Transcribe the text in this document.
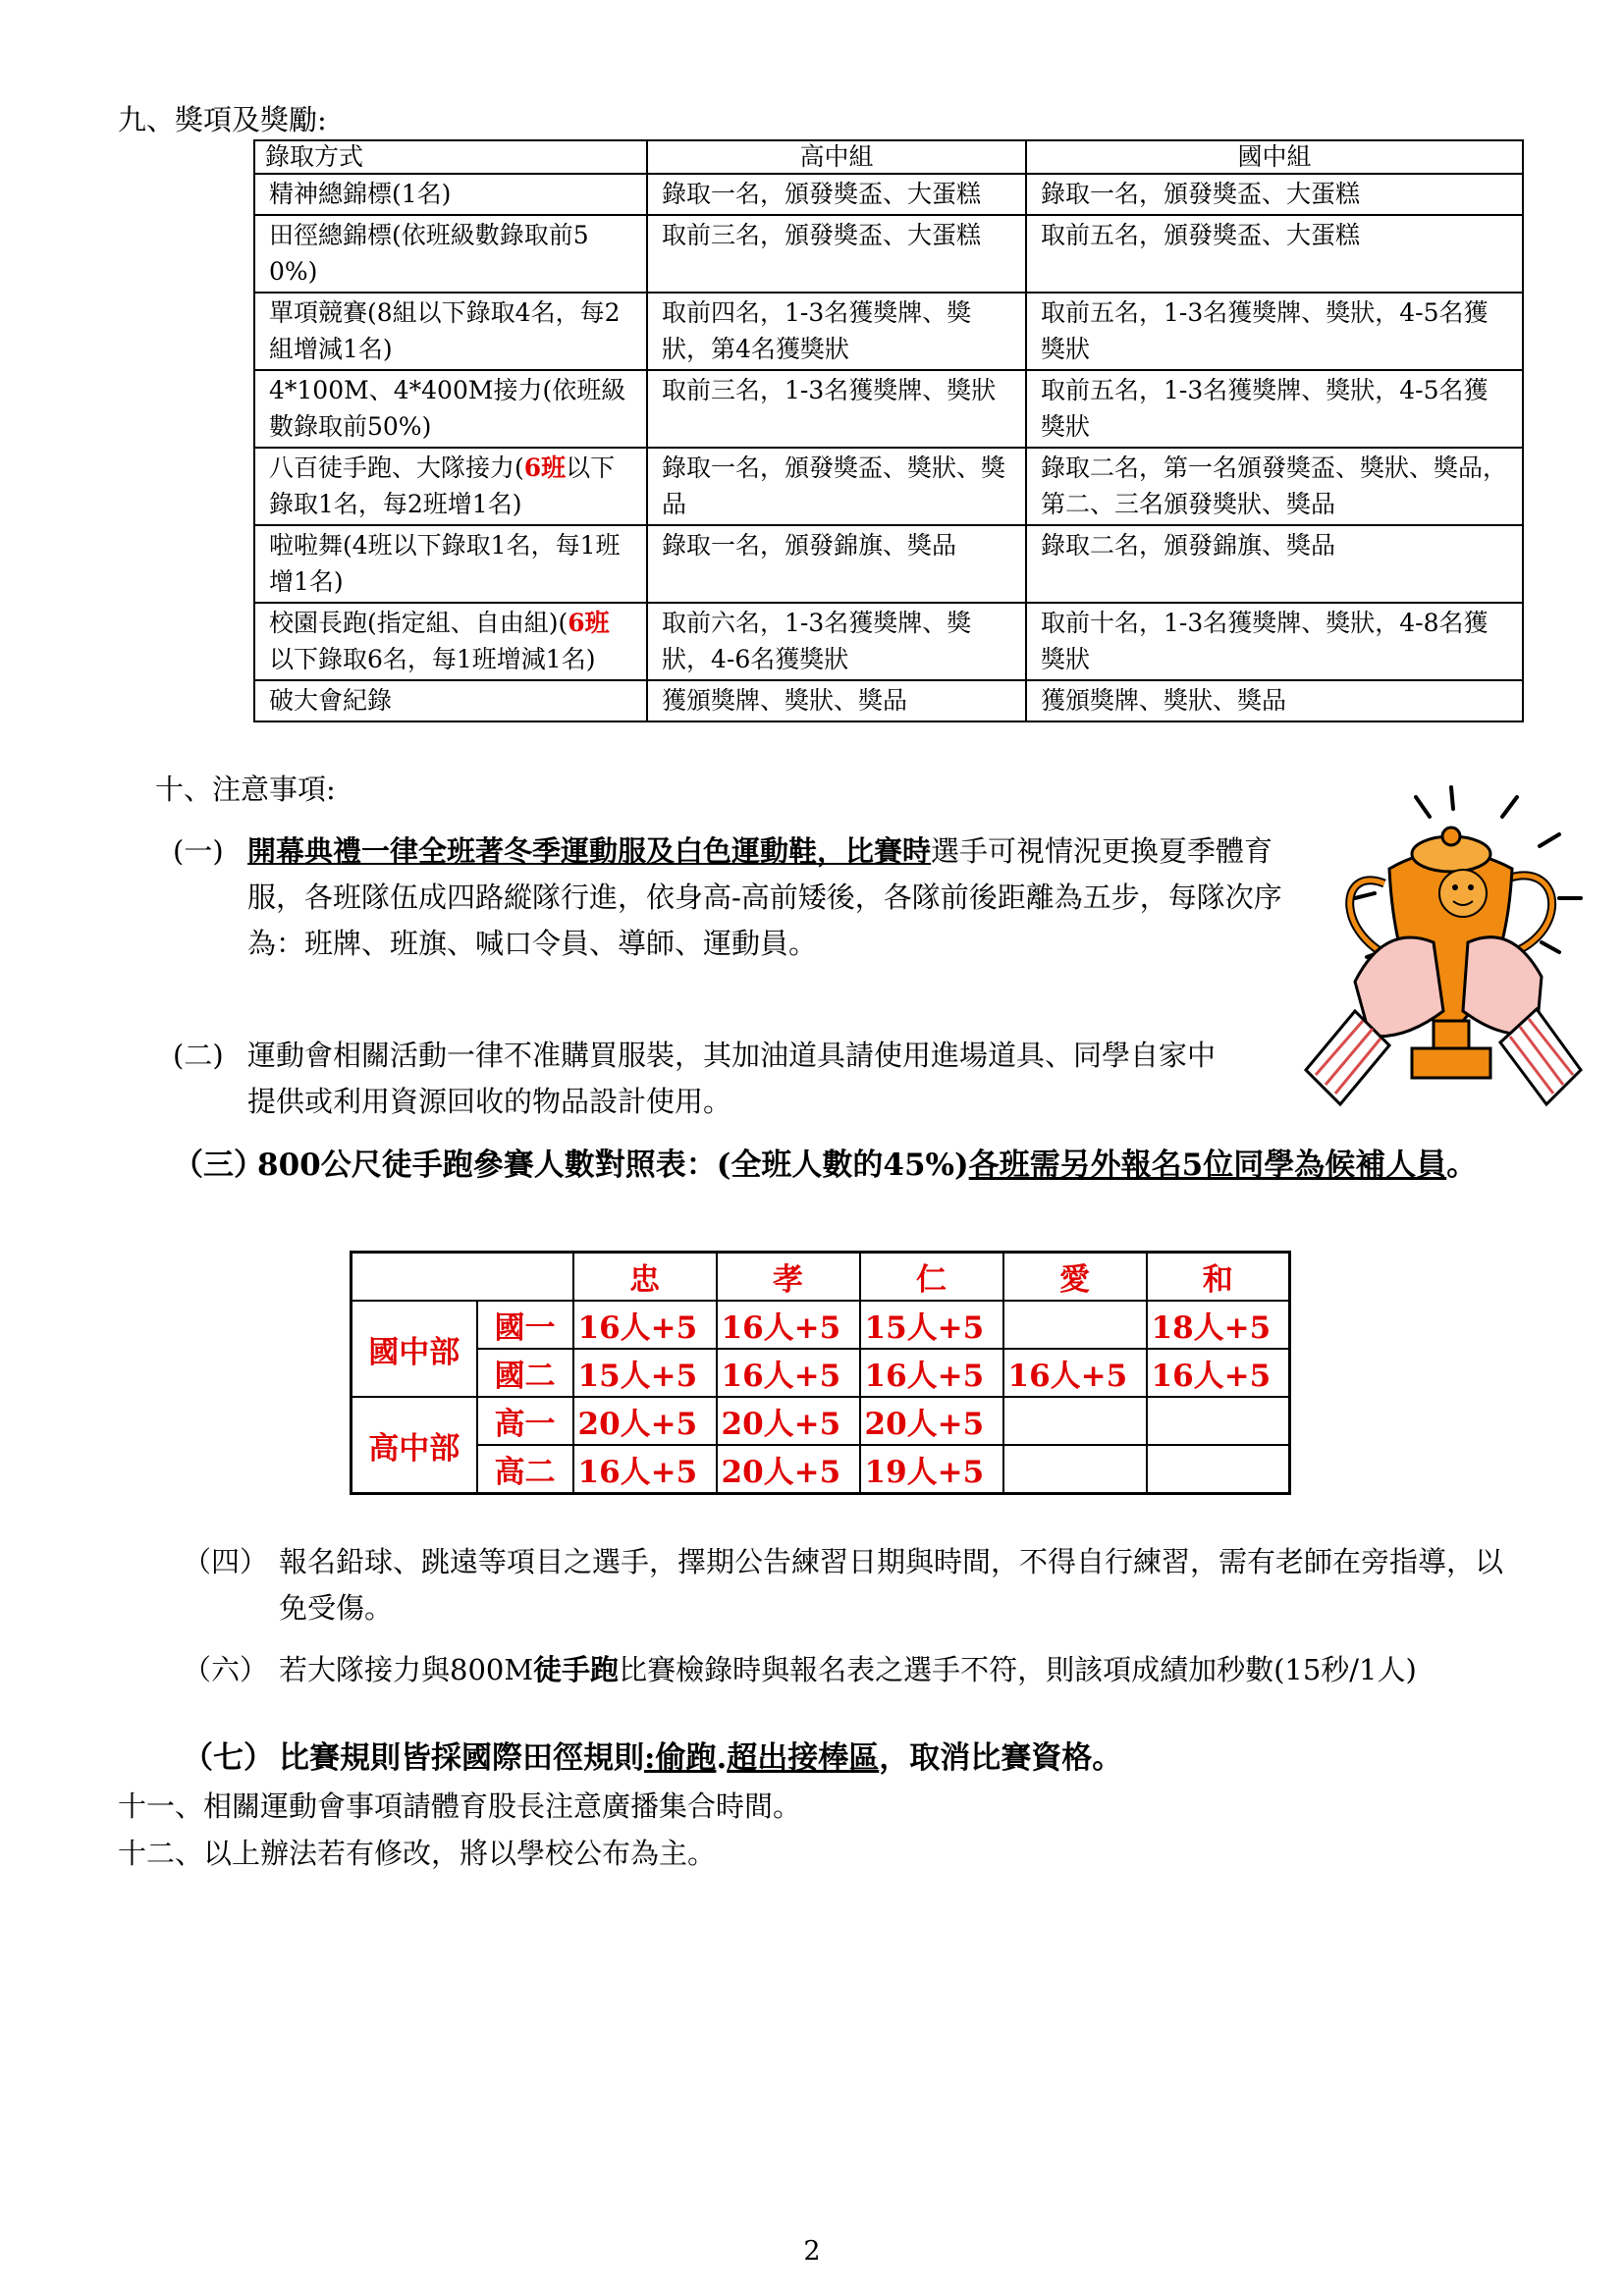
九、獎項及獎勵:
錄取方式	高中組	國中組
精神總錦標(1名)	錄取一名，頒發獎盃、大蛋糕	錄取一名，頒發獎盃、大蛋糕
田徑總錦標(依班級數錄取前50%)	取前三名，頒發獎盃、大蛋糕	取前五名，頒發獎盃、大蛋糕
單項競賽(8組以下錄取4名，每2組增減1名)	取前四名，1-3名獲獎牌、獎狀，第4名獲獎狀	取前五名，1-3名獲獎牌、獎狀，4-5名獲獎狀
4*100M、4*400M接力(依班級數錄取前50%)	取前三名，1-3名獲獎牌、獎狀	取前五名，1-3名獲獎牌、獎狀，4-5名獲獎狀
八百徒手跑、大隊接力(6班以下錄取1名，每2班增1名)	錄取一名，頒發獎盃、獎狀、獎品	錄取二名，第一名頒發獎盃、獎狀、獎品，第二、三名頒發獎狀、獎品
啦啦舞(4班以下錄取1名，每1班增1名)	錄取一名，頒發錦旗、獎品	錄取二名，頒發錦旗、獎品
校園長跑(指定組、自由組)(6班以下錄取6名，每1班增減1名)	取前六名，1-3名獲獎牌、獎狀，4-6名獲獎狀	取前十名，1-3名獲獎牌、獎狀，4-8名獲獎狀
破大會紀錄	獲頒獎牌、獎狀、獎品	獲頒獎牌、獎狀、獎品
十、注意事項:
(一) 開幕典禮一律全班著冬季運動服及白色運動鞋，比賽時選手可視情況更換夏季體育服，各班隊伍成四路縱隊行進，依身高-高前矮後，各隊前後距離為五步，每隊次序為：班牌、班旗、喊口令員、導師、運動員。
(二) 運動會相關活動一律不准購買服裝，其加油道具請使用進場道具、同學自家中提供或利用資源回收的物品設計使用。
（三）
800公尺徒手跑參賽人數對照表：(全班人數的45%)各班需另外報名5位同學為候補人員。
		忠	孝	仁	愛	和
國中部	國一	16人+5	16人+5	15人+5		18人+5
	國二	15人+5	16人+5	16人+5	16人+5	16人+5
高中部	高一	20人+5	20人+5	20人+5		
	高二	16人+5	20人+5	19人+5		
（四） 報名鉛球、跳遠等項目之選手，擇期公告練習日期與時間，不得自行練習，需有老師在旁指導，以免受傷。
（六） 若大隊接力與800M徒手跑比賽檢錄時與報名表之選手不符，則該項成績加秒數(15秒/1人)
（七） 比賽規則皆採國際田徑規則:偷跑.超出接棒區，取消比賽資格。
十一、相關運動會事項請體育股長注意廣播集合時間。
十二、以上辦法若有修改，將以學校公布為主。
2
